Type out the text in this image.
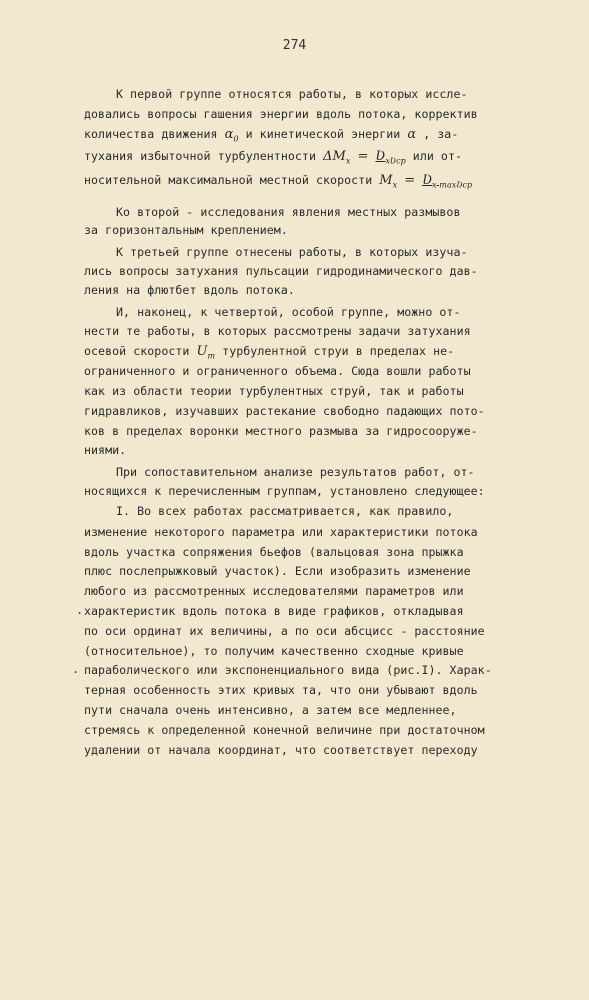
274
К первой группе относятся работы, в которых иссле-
довались вопросы гашения энергии вдоль потока, корректив
количества движения $\alpha_0$ и кинетической энергии α , за-
тухания избыточной турбулентности $\Delta M_x$ = $Ʋ_{xƲср}$ или от-
носительной максимальной местной скорости $M_x$ = $Ʋ_{x maxƲср}$
Ко второй - исследования явления местных размывов
за горизонтальным креплением.
К третьей группе отнесены работы, в которых изуча-
лись вопросы затухания пульсации гидродинамического дав-
ления на флютбет вдоль потока.
И, наконец, к четвертой, особой группе, можно от-
нести те работы, в которых рассмотрены задачи затухания
осевой скорости $U_m$ турбулентной струи в пределах не-
ограниченного и ограниченного объема. Сюда вошли работы
как из области теории турбулентных струй, так и работы
гидравликов, изучавших растекание свободно падающих пото-
ков в пределах воронки местного размыва за гидросооруже-
ниями.
При сопоставительном анализе результатов работ, от-
носящихся к перечисленным группам, установлено следующее:
I. Во всех работах рассматривается, как правило,
изменение некоторого параметра или характеристики потока
вдоль участка сопряжения бьефов (вальцовая зона прыжка
плюс послепрыжковый участок). Если изобразить изменение
любого из рассмотренных исследователями параметров или
. характеристик вдоль потока в виде графиков, откладывая
по оси ординат их величины, а по оси абсцисс - расстояние
(относительное), то получим качественно сходные кривые
. параболического или экспоненциального вида (рис.I). Харак-
терная особенность этих кривых та, что они убывают вдоль
пути сначала очень интенсивно, а затем все медленнее,
стремясь к определенной конечной величине при достаточном
удалении от начала координат, что соответствует переходу
